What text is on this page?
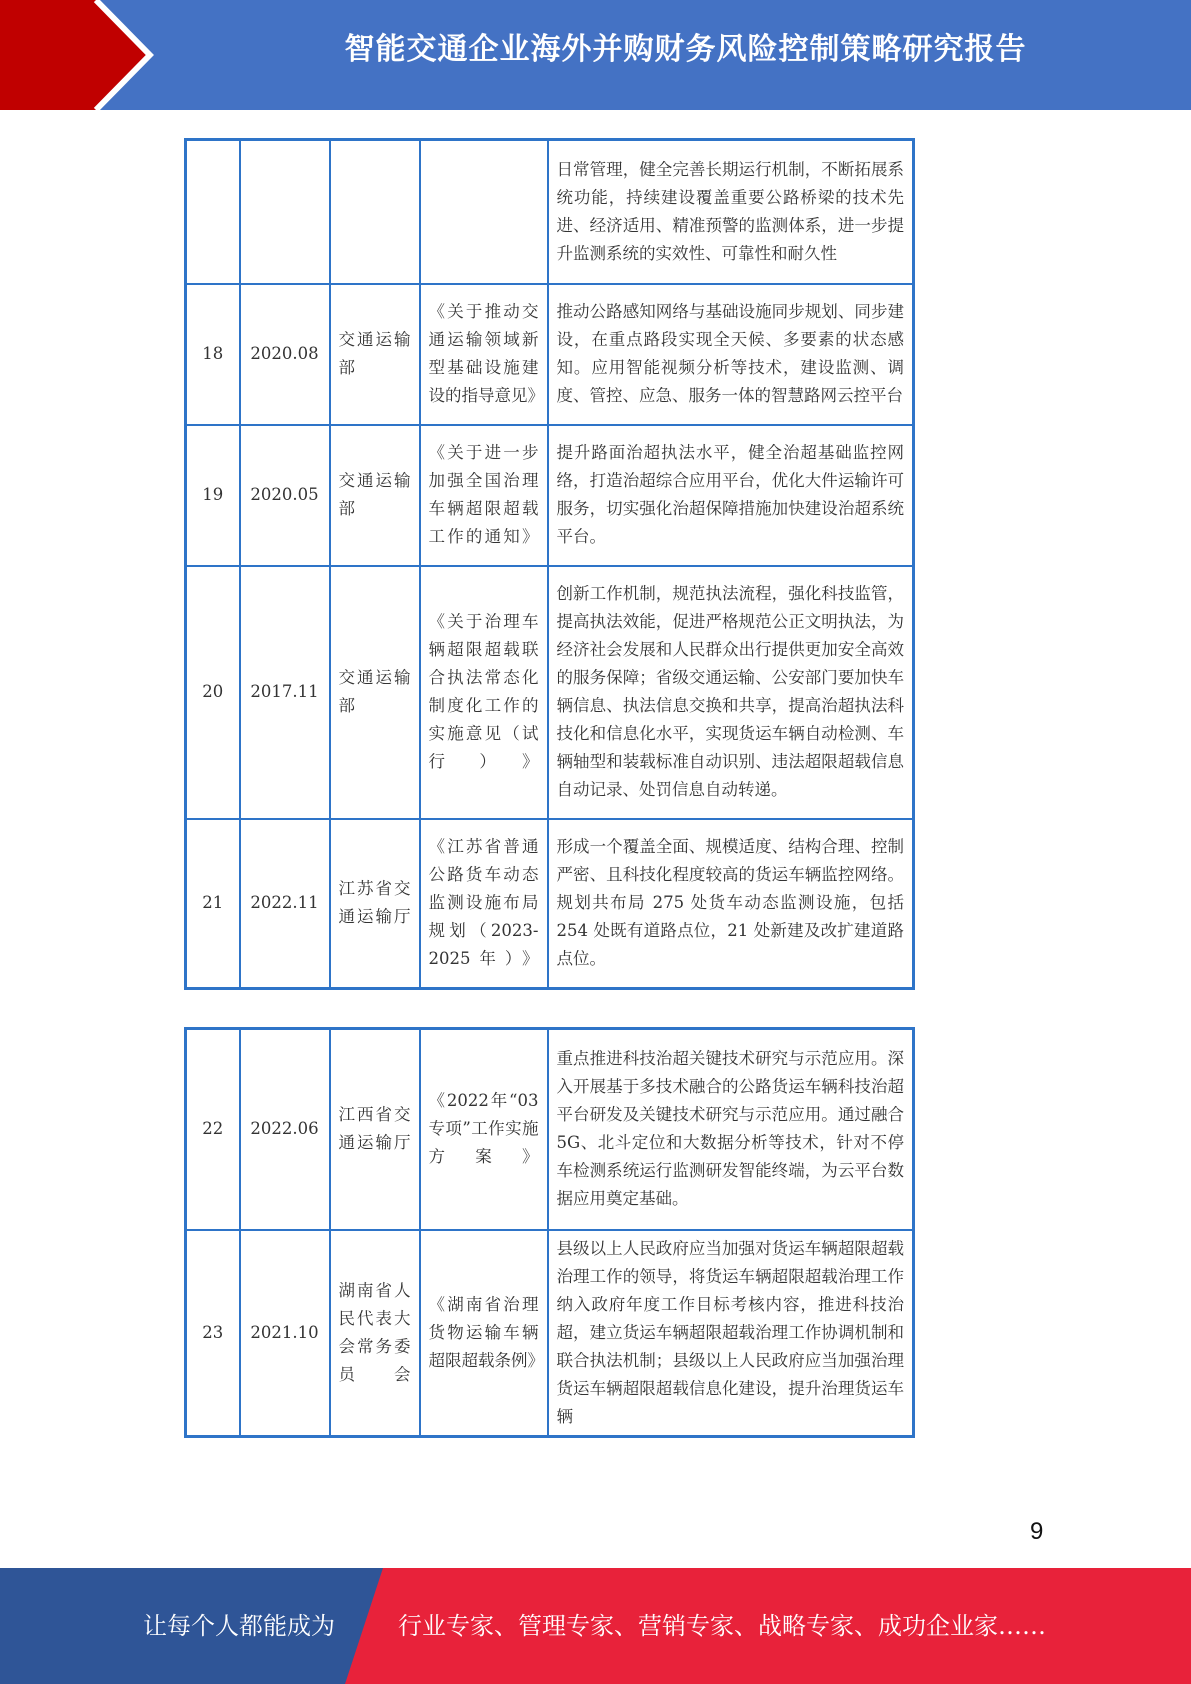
智能交通企业海外并购财务风险控制策略研究报告
				日常管理，健全完善长期运行机制，不断拓展系统功能，持续建设覆盖重要公路桥梁的技术先进、经济适用、精准预警的监测体系，进一步提升监测系统的实效性、可靠性和耐久性
18	2020.08	交通运输部	《关于推动交通运输领域新型基础设施建设的指导意见》	推动公路感知网络与基础设施同步规划、同步建设，在重点路段实现全天候、多要素的状态感知。应用智能视频分析等技术，建设监测、调度、管控、应急、服务一体的智慧路网云控平台
19	2020.05	交通运输部	《关于进一步加强全国治理车辆超限超载工作的通知》	提升路面治超执法水平，健全治超基础监控网络，打造治超综合应用平台，优化大件运输许可服务，切实强化治超保障措施加快建设治超系统平台。
20	2017.11	交通运输部	《关于治理车辆超限超载联合执法常态化制度化工作的实施意见（试行）》	创新工作机制，规范执法流程，强化科技监管，提高执法效能，促进严格规范公正文明执法，为经济社会发展和人民群众出行提供更加安全高效的服务保障；省级交通运输、公安部门要加快车辆信息、执法信息交换和共享，提高治超执法科技化和信息化水平，实现货运车辆自动检测、车辆轴型和装载标准自动识别、违法超限超载信息自动记录、处罚信息自动转递。
21	2022.11	江苏省交通运输厅	《江苏省普通公路货车动态监测设施布局规划（2023-2025年）》	形成一个覆盖全面、规模适度、结构合理、控制严密、且科技化程度较高的货运车辆监控网络。规划共布局 275 处货车动态监测设施，包括 254 处既有道路点位，21 处新建及改扩建道路点位。
22	2022.06	江西省交通运输厅	《2022年“03专项”工作实施方案》	重点推进科技治超关键技术研究与示范应用。深入开展基于多技术融合的公路货运车辆科技治超平台研发及关键技术研究与示范应用。通过融合 5G、北斗定位和大数据分析等技术，针对不停车检测系统运行监测研发智能终端，为云平台数据应用奠定基础。
23	2021.10	湖南省人民代表大会常务委员会	《湖南省治理货物运输车辆超限超载条例》	县级以上人民政府应当加强对货运车辆超限超载治理工作的领导，将货运车辆超限超载治理工作纳入政府年度工作目标考核内容，推进科技治超，建立货运车辆超限超载治理工作协调机制和联合执法机制；县级以上人民政府应当加强治理货运车辆超限超载信息化建设，提升治理货运车辆
9
让每个人都能成为	行业专家、管理专家、营销专家、战略专家、成功企业家……
